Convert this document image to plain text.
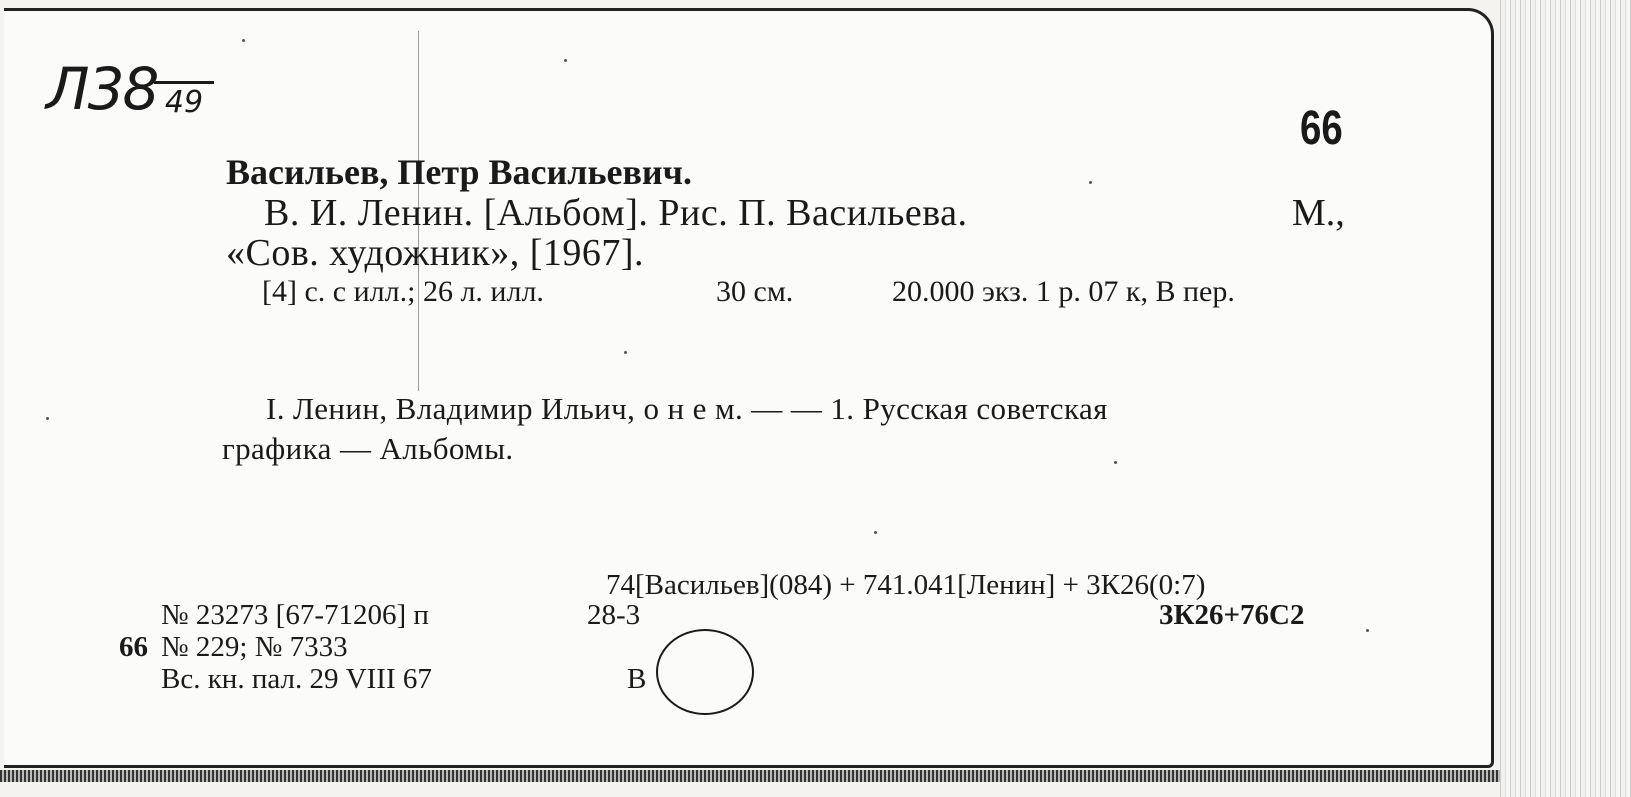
Л38 49	66
Васильев, Петр Васильевич.
В. И. Ленин. [Альбом]. Рис. П. Васильева.	М.,
«Сов. художник», [1967].
[4] с. с илл.; 26 л. илл.	30 см.	20.000 экз. 1 р. 07 к, В пер.
I. Ленин, Владимир Ильич, о н е м. — — 1. Русская советская
графика — Альбомы.
74[Васильев](084) + 741.041[Ленин] + 3К26(0:7)
3К26+76С2
№ 23273 [67-71206] п	28-3
66 № 229; № 7333
Вс. кн. пал. 29 VIII 67	В
